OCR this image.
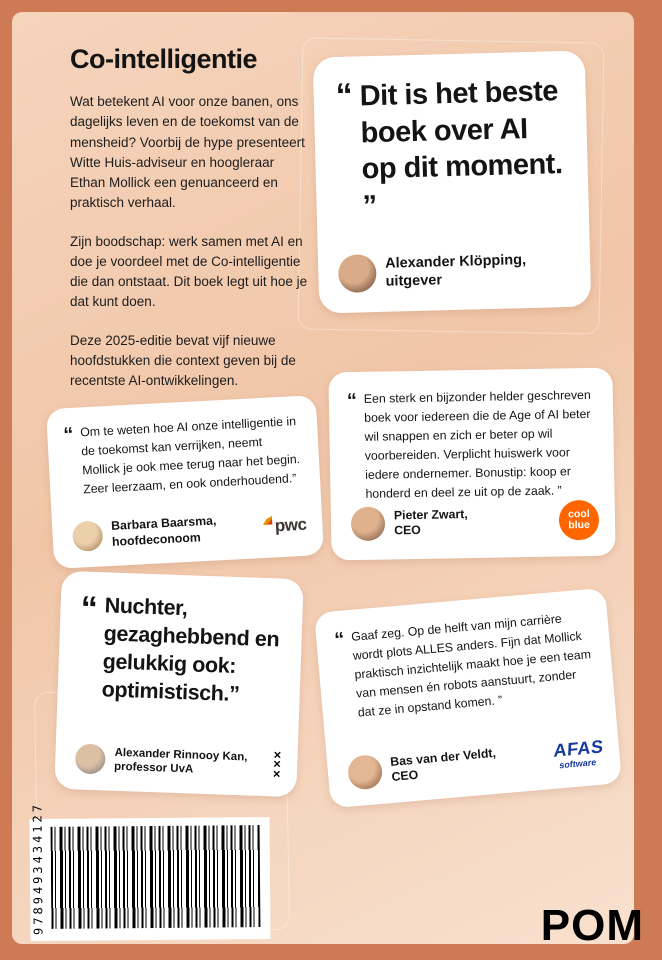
Co-intelligentie

Wat betekent AI voor onze banen, ons dagelijks leven en de toekomst van de mensheid? Voorbij de hype presenteert Witte Huis-adviseur en hoogleraar Ethan Mollick een genuanceerd en praktisch verhaal.

Zijn boodschap: werk samen met AI en doe je voordeel met de Co-intelligentie die dan ontstaat. Dit boek legt uit hoe je dat kunt doen.

Deze 2025-editie bevat vijf nieuwe hoofdstukken die context geven bij de recentste AI-ontwikkelingen.

“ Dit is het beste boek over AI op dit moment. ”
Alexander Klöpping,
uitgever
“ Om te weten hoe AI onze intelligentie in de toekomst kan verrijken, neemt Mollick je ook mee terug naar het begin. Zeer leerzaam, en ook onderhoudend.”
Barbara Baarsma,
hoofdeconoom
pwc
“ Een sterk en bijzonder helder geschreven boek voor iedereen die de Age of AI beter wil snappen en zich er beter op wil voorbereiden. Verplicht huiswerk voor iedere ondernemer. Bonustip: koop er honderd en deel ze uit op de zaak. ”
Pieter Zwart,
CEO
cool
blue
“ Nuchter, gezaghebbend en gelukkig ook: optimistisch.”
Alexander Rinnooy Kan,
professor UvA
✕
✕
✕
“ Gaaf zeg. Op de helft van mijn carrière wordt plots ALLES anders. Fijn dat Mollick praktisch inzichtelijk maakt hoe je een team van mensen én robots aanstuurt, zonder dat ze in opstand komen. ”
Bas van der Veldt,
CEO
AFAS
software
9789493434127	POM
